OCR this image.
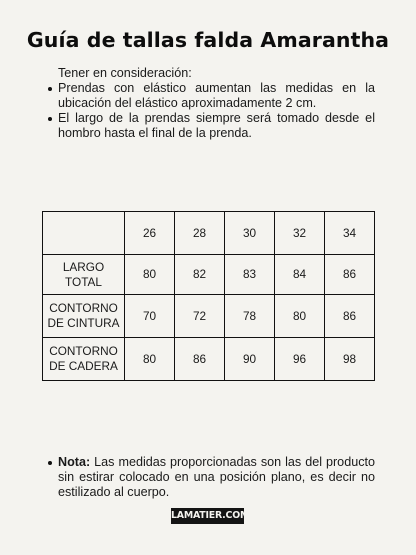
Guía de tallas falda Amarantha

Tener en consideración:

Prendas con elástico aumentan las medidas en la ubicación del elástico aproximadamente 2 cm.
El largo de la prendas siempre será tomado desde el hombro hasta el final de la prenda.
	26	28	30	32	34
LARGO TOTAL	80	82	83	84	86
CONTORNO
DE CINTURA	70	72	78	80	86
CONTORNO
DE CADERA	80	86	90	96	98

Nota: Las medidas proporcionadas son las del producto sin estirar colocado en una posición plano, es decir no estilizado al cuerpo.

LAMATIER.COM
